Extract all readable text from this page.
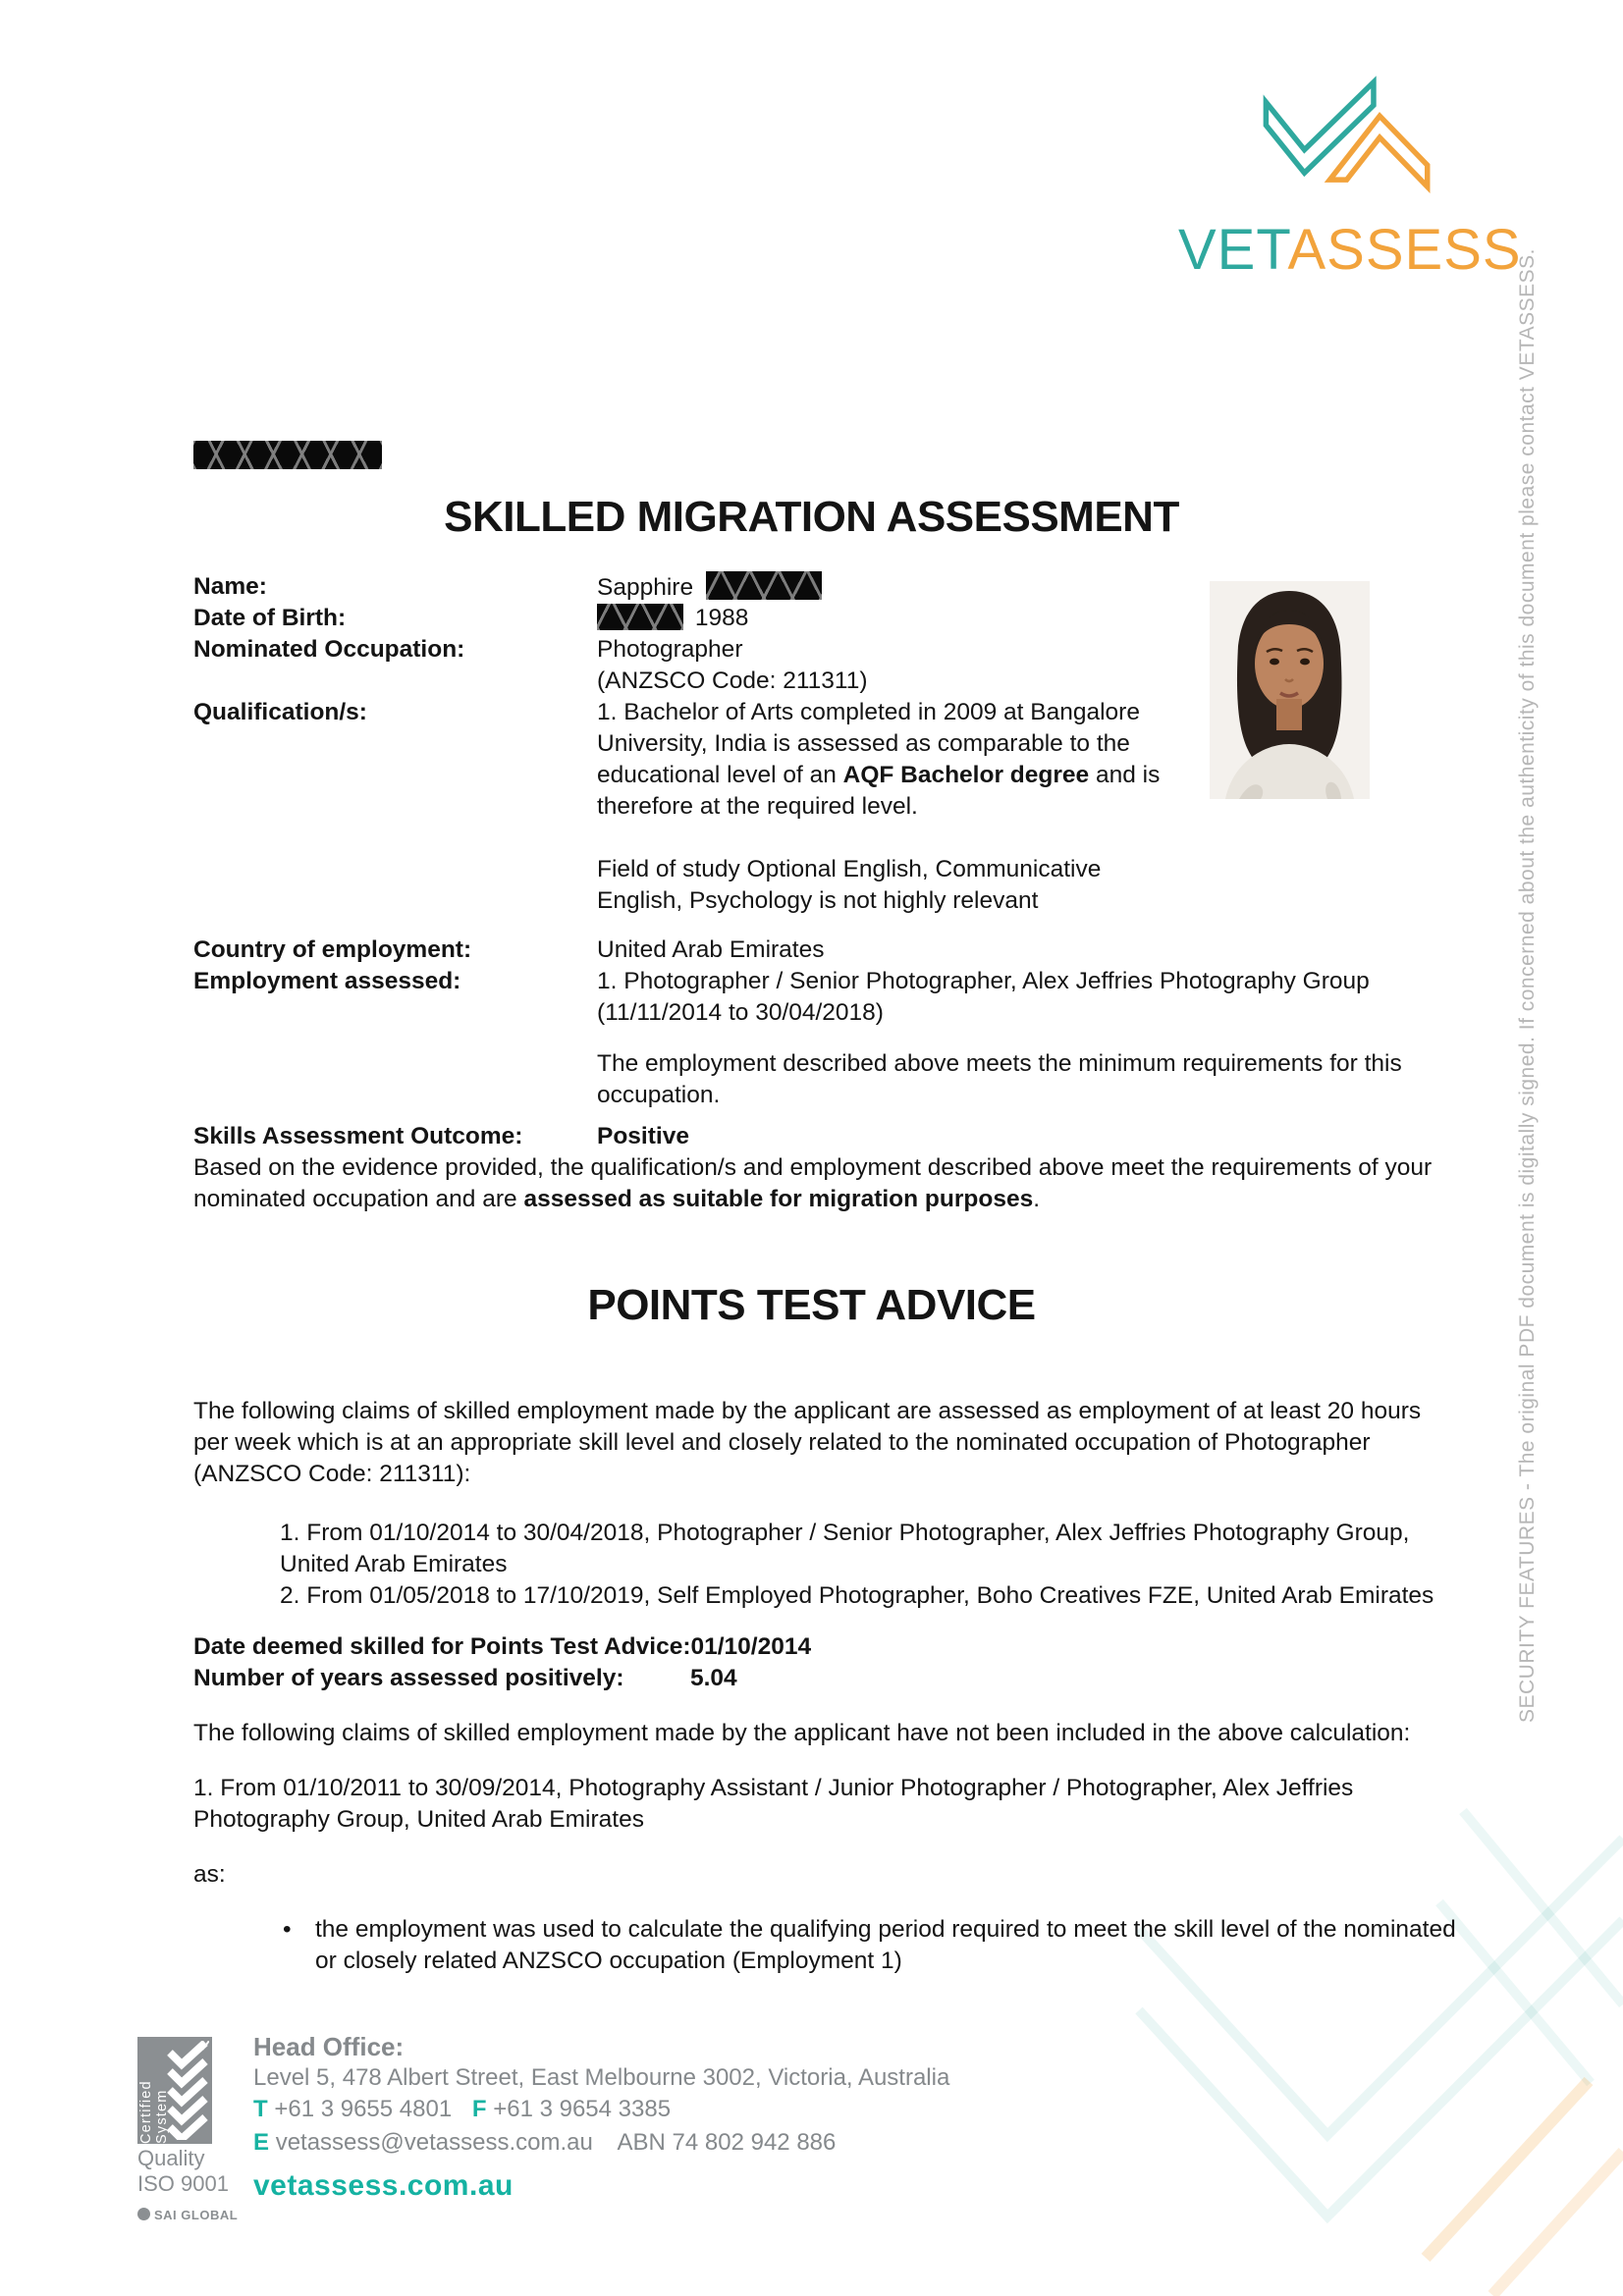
VETASSESS
SECURITY FEATURES - The original PDF document is digitally signed. If concerned about the authenticity of this document please contact VETASSESS.
SKILLED MIGRATION ASSESSMENT
Name:	Sapphire
Date of Birth:	1988
Nominated Occupation:	Photographer
(ANZSCO Code: 211311)
Qualification/s:	1. Bachelor of Arts completed in 2009 at Bangalore
University, India is assessed as comparable to the
educational level of an AQF Bachelor degree and is
therefore at the required level.
Field of study Optional English, Communicative
English, Psychology is not highly relevant
Country of employment:	United Arab Emirates
Employment assessed:	1. Photographer / Senior Photographer, Alex Jeffries Photography Group
(11/11/2014 to 30/04/2018)
The employment described above meets the minimum requirements for this
occupation.
Skills Assessment Outcome:	Positive
Based on the evidence provided, the qualification/s and employment described above meet the requirements of your
nominated occupation and are assessed as suitable for migration purposes.
POINTS TEST ADVICE
The following claims of skilled employment made by the applicant are assessed as employment of at least 20 hours
per week which is at an appropriate skill level and closely related to the nominated occupation of Photographer
(ANZSCO Code: 211311):
1. From 01/10/2014 to 30/04/2018, Photographer / Senior Photographer, Alex Jeffries Photography Group,
United Arab Emirates
2. From 01/05/2018 to 17/10/2019, Self Employed Photographer, Boho Creatives FZE, United Arab Emirates
Date deemed skilled for Points Test Advice:01/10/2014
Number of years assessed positively:	5.04
The following claims of skilled employment made by the applicant have not been included in the above calculation:
1. From 01/10/2011 to 30/09/2014, Photography Assistant / Junior Photographer / Photographer, Alex Jeffries
Photography Group, United Arab Emirates
as:
• the employment was used to calculate the qualifying period required to meet the skill level of the nominated
or closely related ANZSCO occupation (Employment 1)
Certified System
Quality
ISO 9001
SAI GLOBAL
Head Office:
Level 5, 478 Albert Street, East Melbourne 3002, Victoria, Australia
T +61 3 9655 4801 F +61 3 9654 3385
E vetassess@vetassess.com.au ABN 74 802 942 886
vetassess.com.au
